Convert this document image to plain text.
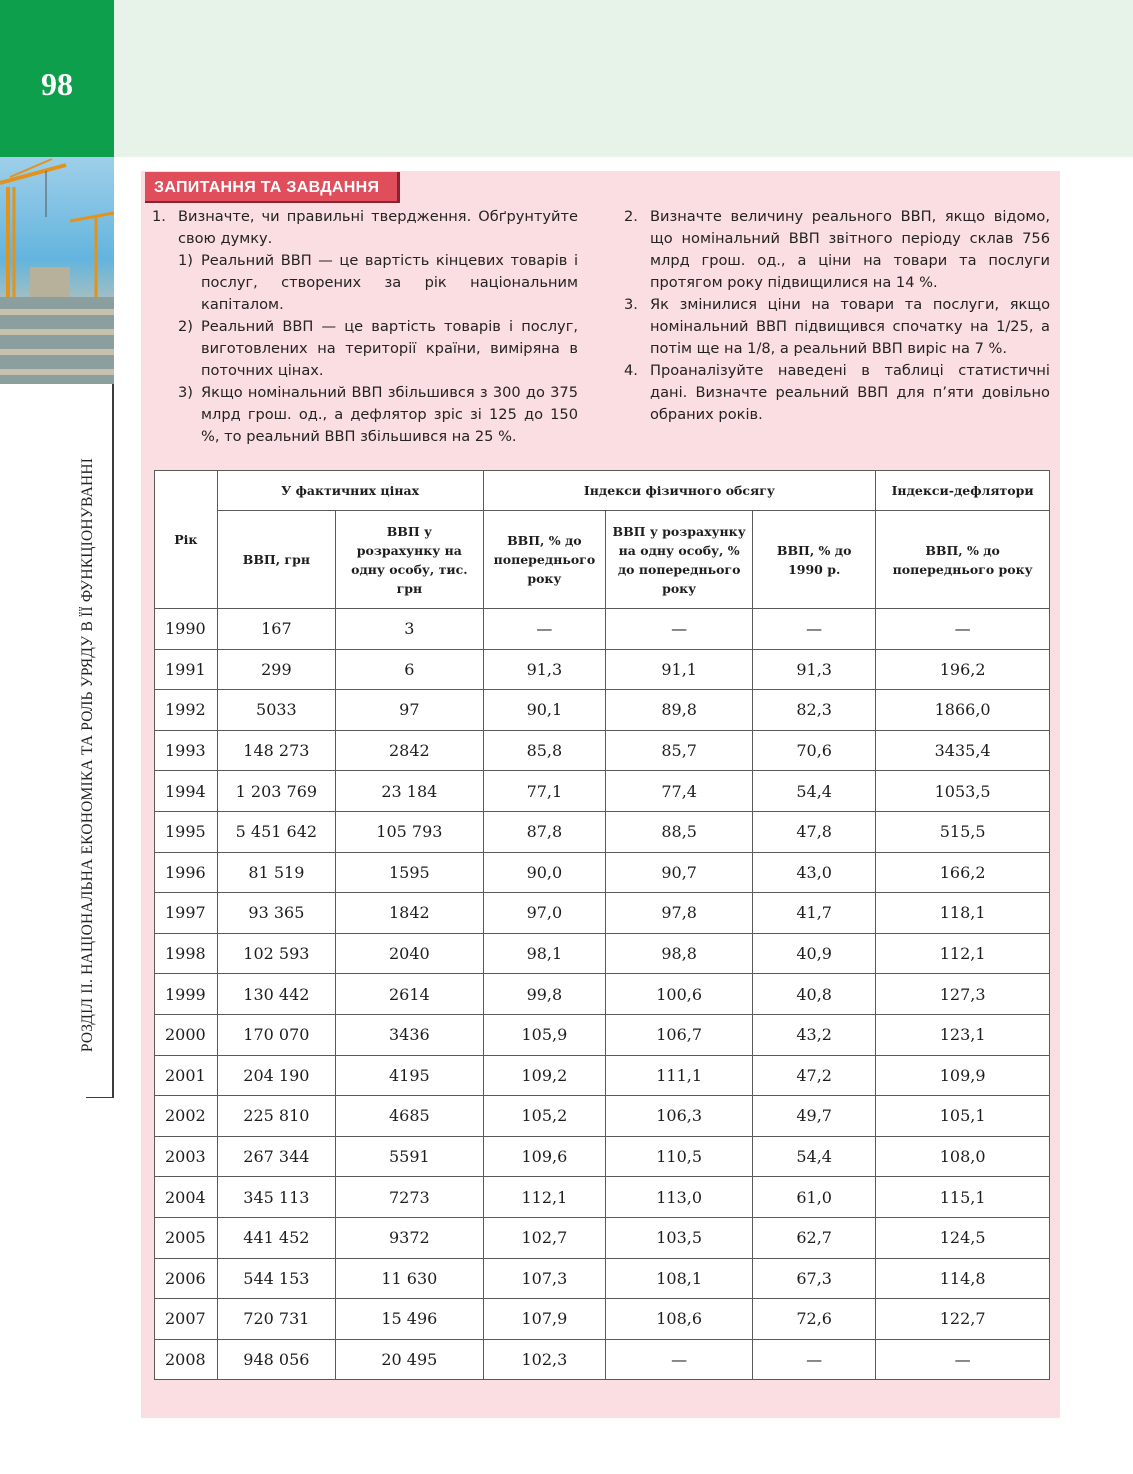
98
РОЗДІЛ ІІ. НАЦІОНАЛЬНА ЕКОНОМІКА ТА РОЛЬ УРЯДУ В ЇЇ ФУНКЦІОНУВАННІ
ЗАПИТАННЯ ТА ЗАВДАННЯ
1. Визначте, чи правильні твердження. Обґрунтуйте свою думку.
1) Реальний ВВП — це вартість кінцевих товарів і послуг, створених за рік національним капіталом.
2) Реальний ВВП — це вартість товарів і послуг, виготовлених на території країни, виміряна в поточних цінах.
3) Якщо номінальний ВВП збільшився з 300 до 375 млрд грош. од., а дефлятор зріс зі 125 до 150 %, то реальний ВВП збільшився на 25 %.
2. Визначте величину реального ВВП, якщо відомо, що номінальний ВВП звітного періоду склав 756 млрд грош. од., а ціни на товари та послуги протягом року підвищилися на 14 %.
3. Як змінилися ціни на товари та послуги, якщо номінальний ВВП підвищився спочатку на 1/25, а потім ще на 1/8, а реальний ВВП виріс на 7 %.
4. Проаналізуйте наведені в таблиці статистичні дані. Визначте реальний ВВП для п’яти довільно обраних років.
Рік	У фактичних цінах		Індекси фізичного обсягу			Індекси-дефлятори
	ВВП, грн	ВВП у розрахунку на одну особу, тис. грн	ВВП, % до попереднього року	ВВП у розрахунку на одну особу, % до попереднього року	ВВП, % до 1990 р.	ВВП, % до попереднього року
1990	167	3	—	—	—	—
1991	299	6	91,3	91,1	91,3	196,2
1992	5033	97	90,1	89,8	82,3	1866,0
1993	148 273	2842	85,8	85,7	70,6	3435,4
1994	1 203 769	23 184	77,1	77,4	54,4	1053,5
1995	5 451 642	105 793	87,8	88,5	47,8	515,5
1996	81 519	1595	90,0	90,7	43,0	166,2
1997	93 365	1842	97,0	97,8	41,7	118,1
1998	102 593	2040	98,1	98,8	40,9	112,1
1999	130 442	2614	99,8	100,6	40,8	127,3
2000	170 070	3436	105,9	106,7	43,2	123,1
2001	204 190	4195	109,2	111,1	47,2	109,9
2002	225 810	4685	105,2	106,3	49,7	105,1
2003	267 344	5591	109,6	110,5	54,4	108,0
2004	345 113	7273	112,1	113,0	61,0	115,1
2005	441 452	9372	102,7	103,5	62,7	124,5
2006	544 153	11 630	107,3	108,1	67,3	114,8
2007	720 731	15 496	107,9	108,6	72,6	122,7
2008	948 056	20 495	102,3	—	—	—
